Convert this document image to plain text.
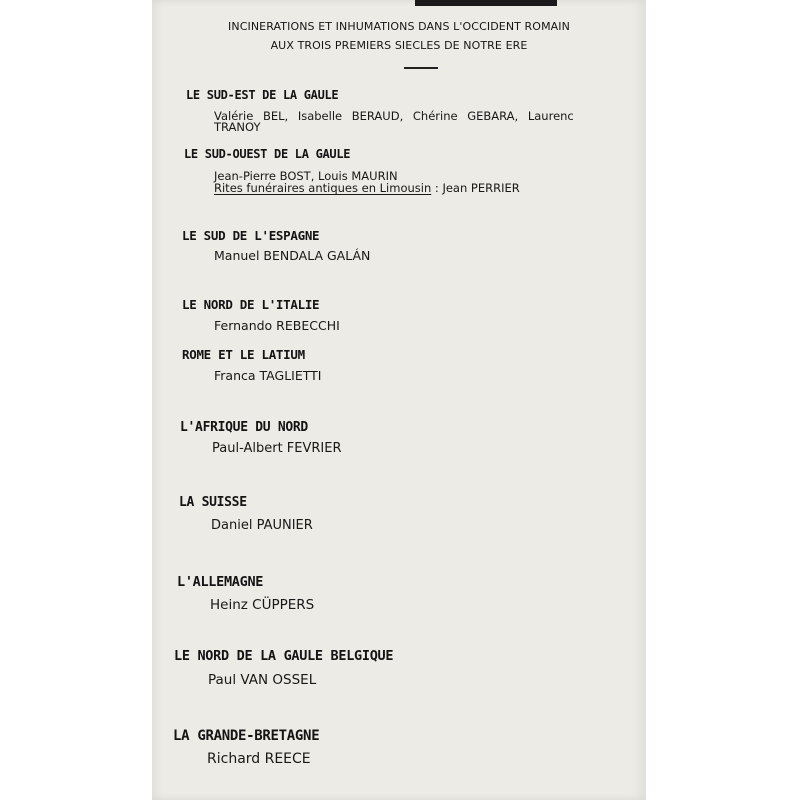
INCINERATIONS ET INHUMATIONS DANS L'OCCIDENT ROMAIN
AUX TROIS PREMIERS SIECLES DE NOTRE ERE
LE SUD-EST DE LA GAULE
Valérie BEL, Isabelle BERAUD, Chérine GEBARA, Laurenc
TRANOY
LE SUD-OUEST DE LA GAULE
Jean-Pierre BOST, Louis MAURIN
Rites funéraires antiques en Limousin : Jean PERRIER
LE SUD DE L'ESPAGNE
Manuel BENDALA GALÁN
LE NORD DE L'ITALIE
Fernando REBECCHI
ROME ET LE LATIUM
Franca TAGLIETTI
L'AFRIQUE DU NORD
Paul-Albert FEVRIER
LA SUISSE
Daniel PAUNIER
L'ALLEMAGNE
Heinz CÜPPERS
LE NORD DE LA GAULE BELGIQUE
Paul VAN OSSEL
LA GRANDE-BRETAGNE
Richard REECE
